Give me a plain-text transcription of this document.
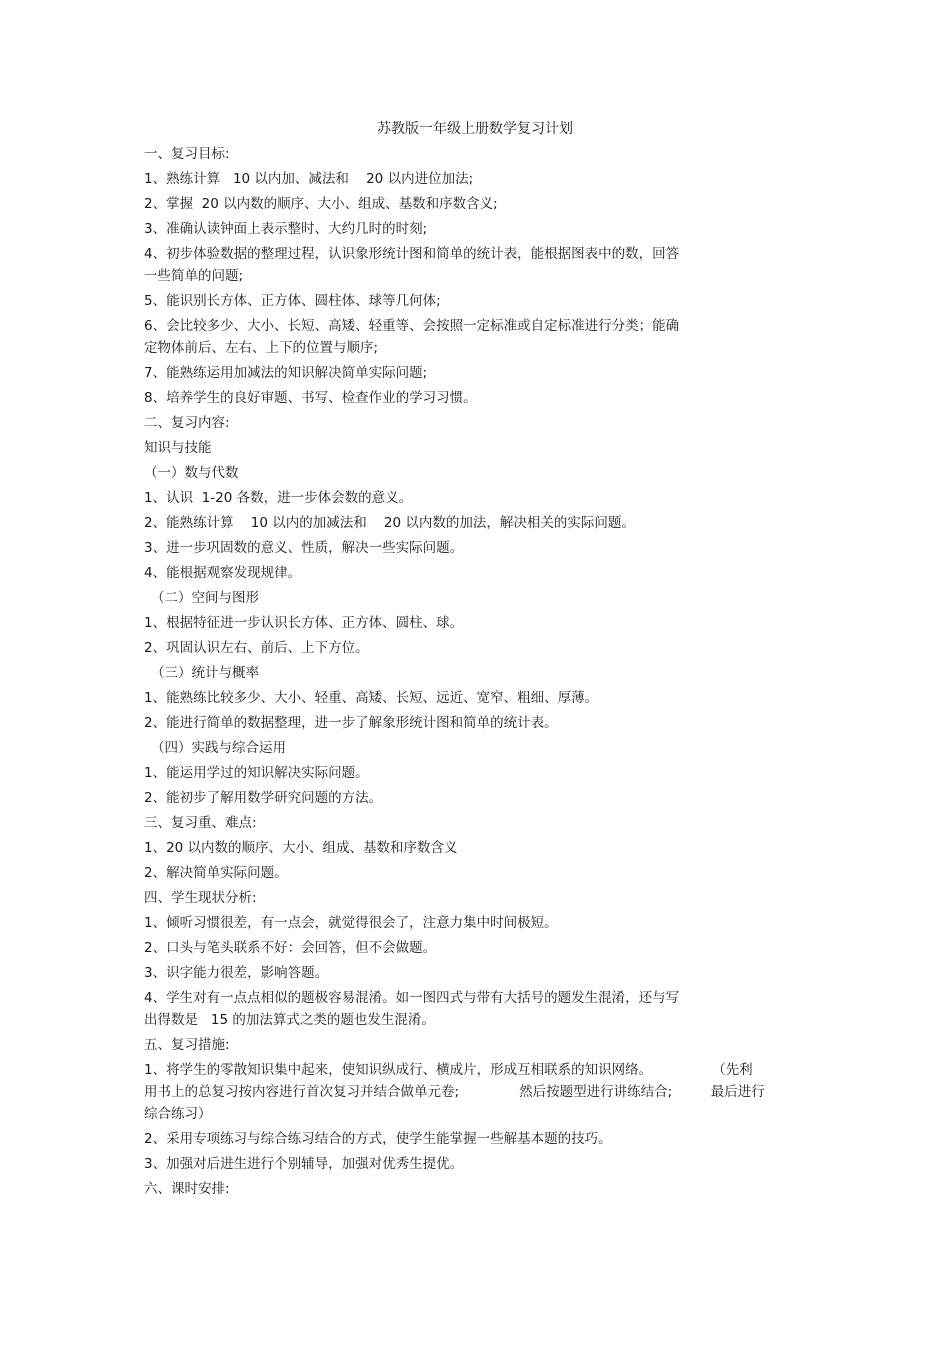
苏教版一年级上册数学复习计划
一、复习目标:
1、熟练计算   10 以内加、减法和    20 以内进位加法;
2、掌握  20 以内数的顺序、大小、组成、基数和序数含义;
3、准确认读钟面上表示整时、大约几时的时刻;
4、初步体验数据的整理过程，认识象形统计图和简单的统计表，能根据图表中的数，回答
一些简单的问题;
5、能识别长方体、正方体、圆柱体、球等几何体;
6、会比较多少、大小、长短、高矮、轻重等、会按照一定标准或自定标准进行分类；能确
定物体前后、左右、上下的位置与顺序;
7、能熟练运用加减法的知识解决简单实际问题;
8、培养学生的良好审题、书写、检查作业的学习习惯。
二、复习内容:
知识与技能
（一）数与代数
1、认识  1-20 各数，进一步体会数的意义。
2、能熟练计算    10 以内的加减法和    20 以内数的加法，解决相关的实际问题。
3、进一步巩固数的意义、性质，解决一些实际问题。
4、能根据观察发现规律。
（二）空间与图形
1、根据特征进一步认识长方体、正方体、圆柱、球。
2、巩固认识左右、前后、上下方位。
（三）统计与概率
1、能熟练比较多少、大小、轻重、高矮、长短、远近、宽窄、粗细、厚薄。
2、能进行简单的数据整理，进一步了解象形统计图和简单的统计表。
（四）实践与综合运用
1、能运用学过的知识解决实际问题。
2、能初步了解用数学研究问题的方法。
三、复习重、难点:
1、20 以内数的顺序、大小、组成、基数和序数含义
2、解决简单实际问题。
四、学生现状分析:
1、倾听习惯很差，有一点会，就觉得很会了，注意力集中时间极短。
2、口头与笔头联系不好：会回答，但不会做题。
3、识字能力很差，影响答题。
4、学生对有一点点相似的题极容易混淆。如一图四式与带有大括号的题发生混淆，还与写
出得数是   15 的加法算式之类的题也发生混淆。
五、复习措施:
1、将学生的零散知识集中起来，使知识纵成行、横成片，形成互相联系的知识网络。              （先利
用书上的总复习按内容进行首次复习并结合做单元卷;              然后按题型进行讲练结合;         最后进行
综合练习）
2、采用专项练习与综合练习结合的方式，使学生能掌握一些解基本题的技巧。
3、加强对后进生进行个别辅导，加强对优秀生提优。
六、课时安排:
